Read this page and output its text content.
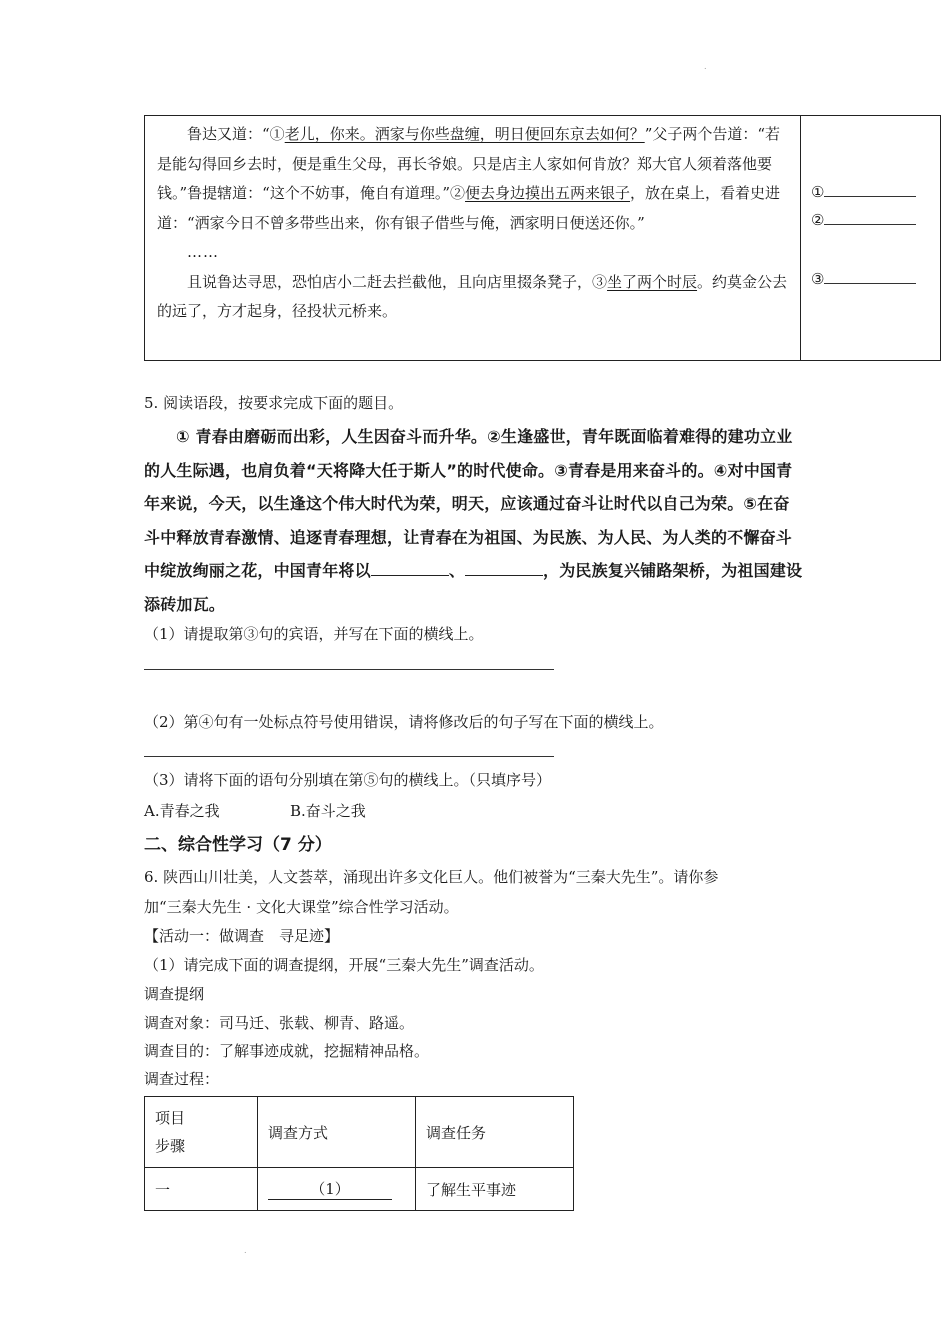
.

鲁达又道：“①老儿，你来。洒家与你些盘缠，明日便回东京去如何？”父子两个告道：“若是能勾得回乡去时，便是重生父母，再长爷娘。只是店主人家如何肯放？郑大官人须着落他要钱。”鲁提辖道：“这个不妨事，俺自有道理。”②便去身边摸出五两来银子，放在桌上，看着史进道：“洒家今日不曾多带些出来，你有银子借些与俺，洒家明日便送还你。”

……

且说鲁达寻思，恐怕店小二赶去拦截他，且向店里掇条凳子，③坐了两个时辰。约莫金公去的远了，方才起身，径投状元桥来。

①
②
③
5. 阅读语段，按要求完成下面的题目。

① 青春由磨砺而出彩，人生因奋斗而升华。②生逢盛世，青年既面临着难得的建功立业的人生际遇，也肩负着“天将降大任于斯人”的时代使命。③青春是用来奋斗的。④对中国青年来说，今天，以生逢这个伟大时代为荣，明天，应该通过奋斗让时代以自己为荣。⑤在奋斗中释放青春激情、追逐青春理想，让青春在为祖国、为民族、为人民、为人类的不懈奋斗中绽放绚丽之花，中国青年将以	、	，为民族复兴铺路架桥，为祖国建设添砖加瓦。

（1）请提取第③句的宾语，并写在下面的横线上。
（2）第④句有一处标点符号使用错误，请将修改后的句子写在下面的横线上。
（3）请将下面的语句分别填在第⑤句的横线上。（只填序号）
A.青春之我	B.奋斗之我
二、综合性学习（7 分）
6. 陕西山川壮美，人文荟萃，涌现出许多文化巨人。他们被誉为“三秦大先生”。请你参
加“三秦大先生 · 文化大课堂”综合性学习活动。
【活动一：做调查　寻足迹】
（1）请完成下面的调查提纲，开展“三秦大先生”调查活动。
调查提纲
调查对象：司马迁、张载、柳青、路遥。
调查目的：了解事迹成就，挖掘精神品格。
调查过程：
项目
步骤	调查方式	调查任务
一	（1）	了解生平事迹
.
